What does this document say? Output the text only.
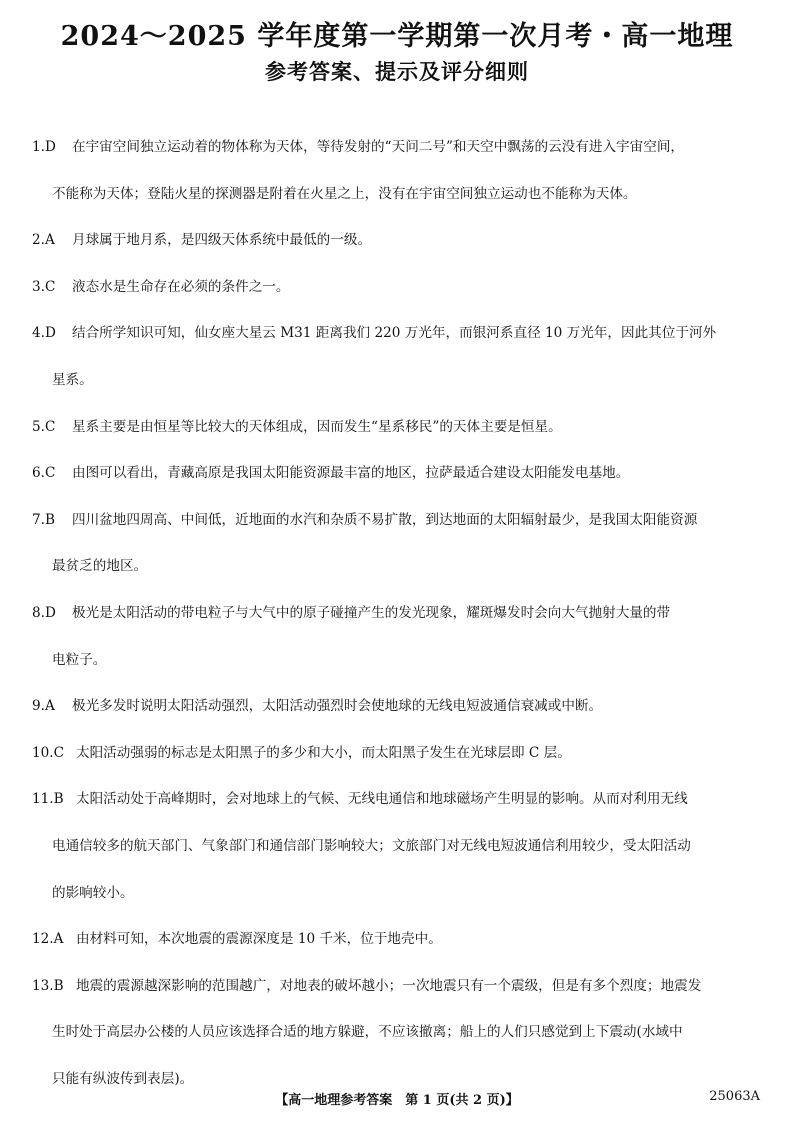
2024～2025 学年度第一学期第一次月考・高一地理
参考答案、提示及评分细则
1.D 在宇宙空间独立运动着的物体称为天体，等待发射的“天问二号”和天空中飘荡的云没有进入宇宙空间，
不能称为天体；登陆火星的探测器是附着在火星之上，没有在宇宙空间独立运动也不能称为天体。
2.A 月球属于地月系，是四级天体系统中最低的一级。
3.C 液态水是生命存在必须的条件之一。
4.D 结合所学知识可知，仙女座大星云 M31 距离我们 220 万光年，而银河系直径 10 万光年，因此其位于河外
星系。
5.C 星系主要是由恒星等比较大的天体组成，因而发生“星系移民”的天体主要是恒星。
6.C 由图可以看出，青藏高原是我国太阳能资源最丰富的地区，拉萨最适合建设太阳能发电基地。
7.B 四川盆地四周高、中间低，近地面的水汽和杂质不易扩散，到达地面的太阳辐射最少，是我国太阳能资源
最贫乏的地区。
8.D 极光是太阳活动的带电粒子与大气中的原子碰撞产生的发光现象，耀斑爆发时会向大气抛射大量的带
电粒子。
9.A 极光多发时说明太阳活动强烈，太阳活动强烈时会使地球的无线电短波通信衰减或中断。
10.C 太阳活动强弱的标志是太阳黑子的多少和大小，而太阳黑子发生在光球层即 C 层。
11.B 太阳活动处于高峰期时，会对地球上的气候、无线电通信和地球磁场产生明显的影响。从而对利用无线
电通信较多的航天部门、气象部门和通信部门影响较大；文旅部门对无线电短波通信利用较少，受太阳活动
的影响较小。
12.A 由材料可知，本次地震的震源深度是 10 千米，位于地壳中。
13.B 地震的震源越深影响的范围越广，对地表的破坏越小；一次地震只有一个震级，但是有多个烈度；地震发
生时处于高层办公楼的人员应该选择合适的地方躲避，不应该撤离；船上的人们只感觉到上下震动(水域中
只能有纵波传到表层)。
【高一地理参考答案　第 1 页(共 2 页)】	25063A
